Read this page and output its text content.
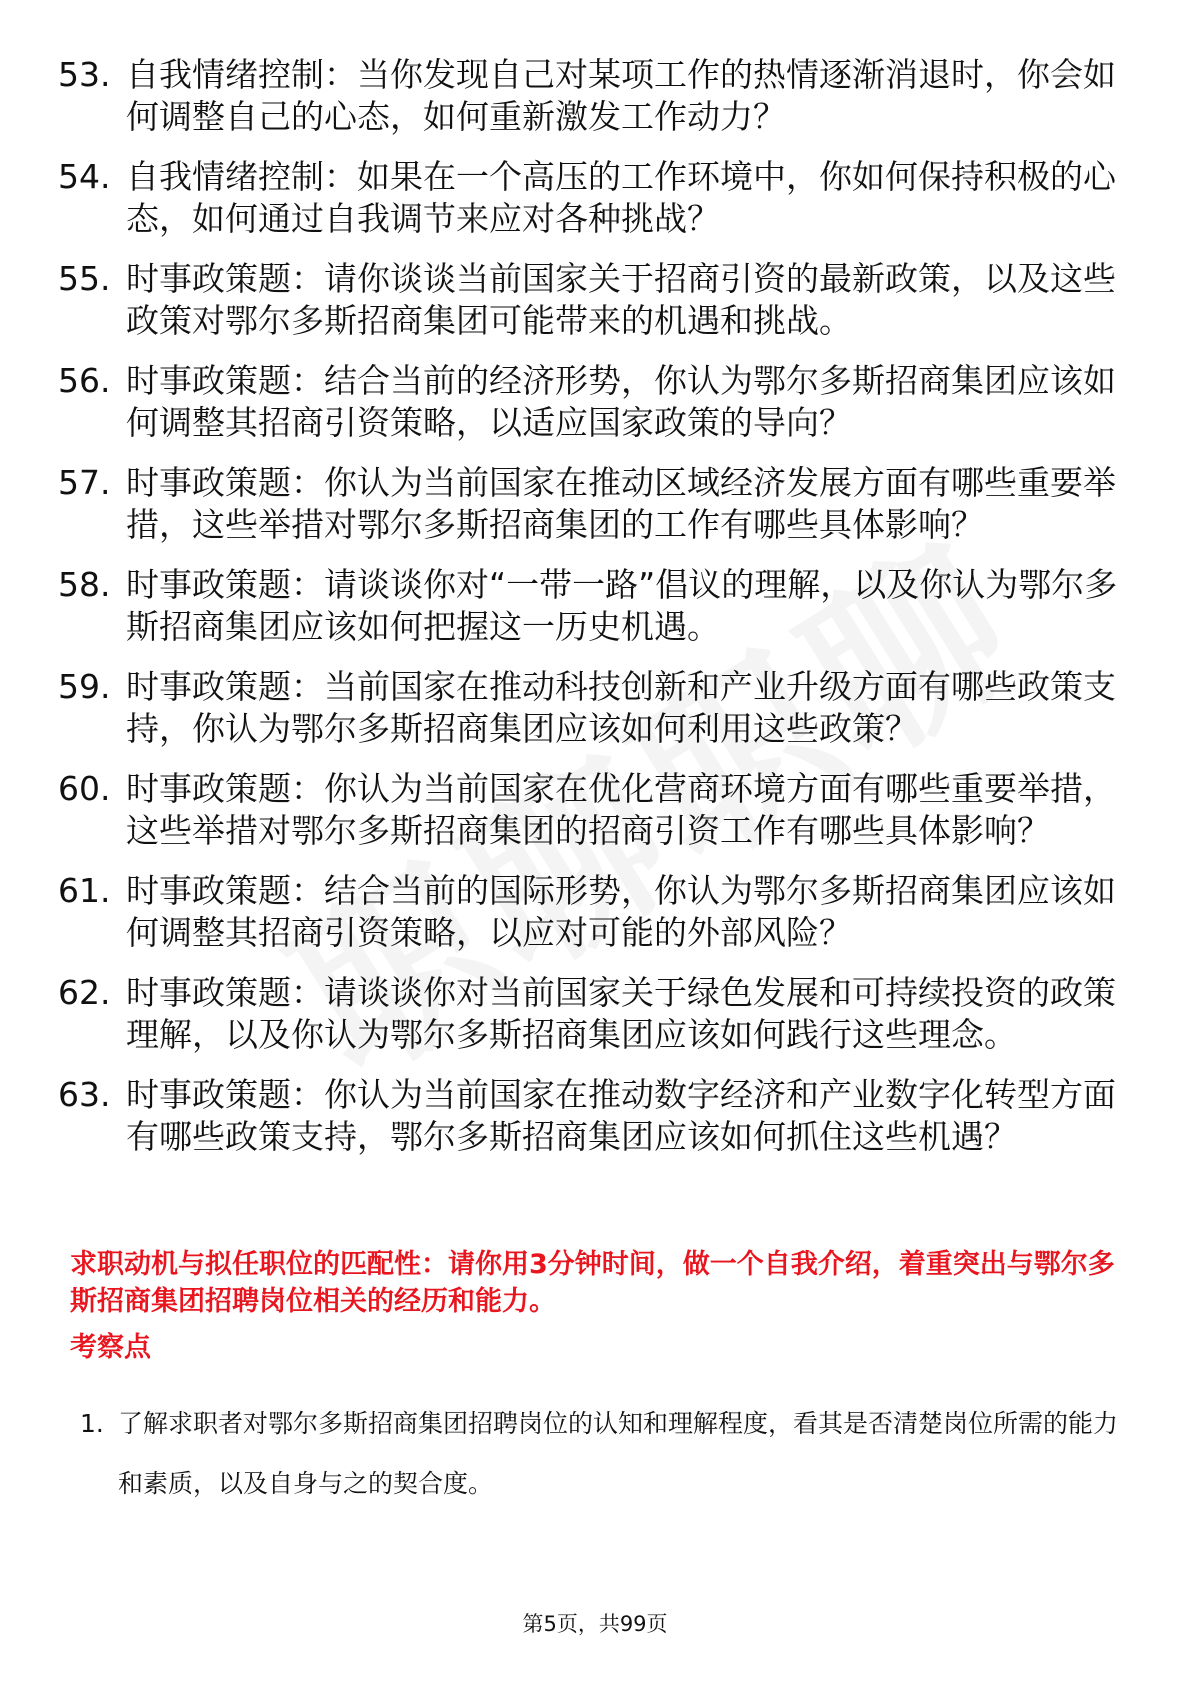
53. 自我情绪控制：当你发现自己对某项工作的热情逐渐消退时，你会如何调整自己的心态，如何重新激发工作动力？
54. 自我情绪控制：如果在一个高压的工作环境中，你如何保持积极的心态，如何通过自我调节来应对各种挑战？
55. 时事政策题：请你谈谈当前国家关于招商引资的最新政策，以及这些政策对鄂尔多斯招商集团可能带来的机遇和挑战。
56. 时事政策题：结合当前的经济形势，你认为鄂尔多斯招商集团应该如何调整其招商引资策略，以适应国家政策的导向？
57. 时事政策题：你认为当前国家在推动区域经济发展方面有哪些重要举措，这些举措对鄂尔多斯招商集团的工作有哪些具体影响？
58. 时事政策题：请谈谈你对“一带一路”倡议的理解，以及你认为鄂尔多斯招商集团应该如何把握这一历史机遇。
59. 时事政策题：当前国家在推动科技创新和产业升级方面有哪些政策支持，你认为鄂尔多斯招商集团应该如何利用这些政策？
60. 时事政策题：你认为当前国家在优化营商环境方面有哪些重要举措，这些举措对鄂尔多斯招商集团的招商引资工作有哪些具体影响？
61. 时事政策题：结合当前的国际形势，你认为鄂尔多斯招商集团应该如何调整其招商引资策略，以应对可能的外部风险？
62. 时事政策题：请谈谈你对当前国家关于绿色发展和可持续投资的政策理解，以及你认为鄂尔多斯招商集团应该如何践行这些理念。
63. 时事政策题：你认为当前国家在推动数字经济和产业数字化转型方面有哪些政策支持，鄂尔多斯招商集团应该如何抓住这些机遇？
求职动机与拟任职位的匹配性：请你用3分钟时间，做一个自我介绍，着重突出与鄂尔多斯招商集团招聘岗位相关的经历和能力。
考察点
1. 了解求职者对鄂尔多斯招商集团招聘岗位的认知和理解程度，看其是否清楚岗位所需的能力和素质，以及自身与之的契合度。
第5页，共99页
